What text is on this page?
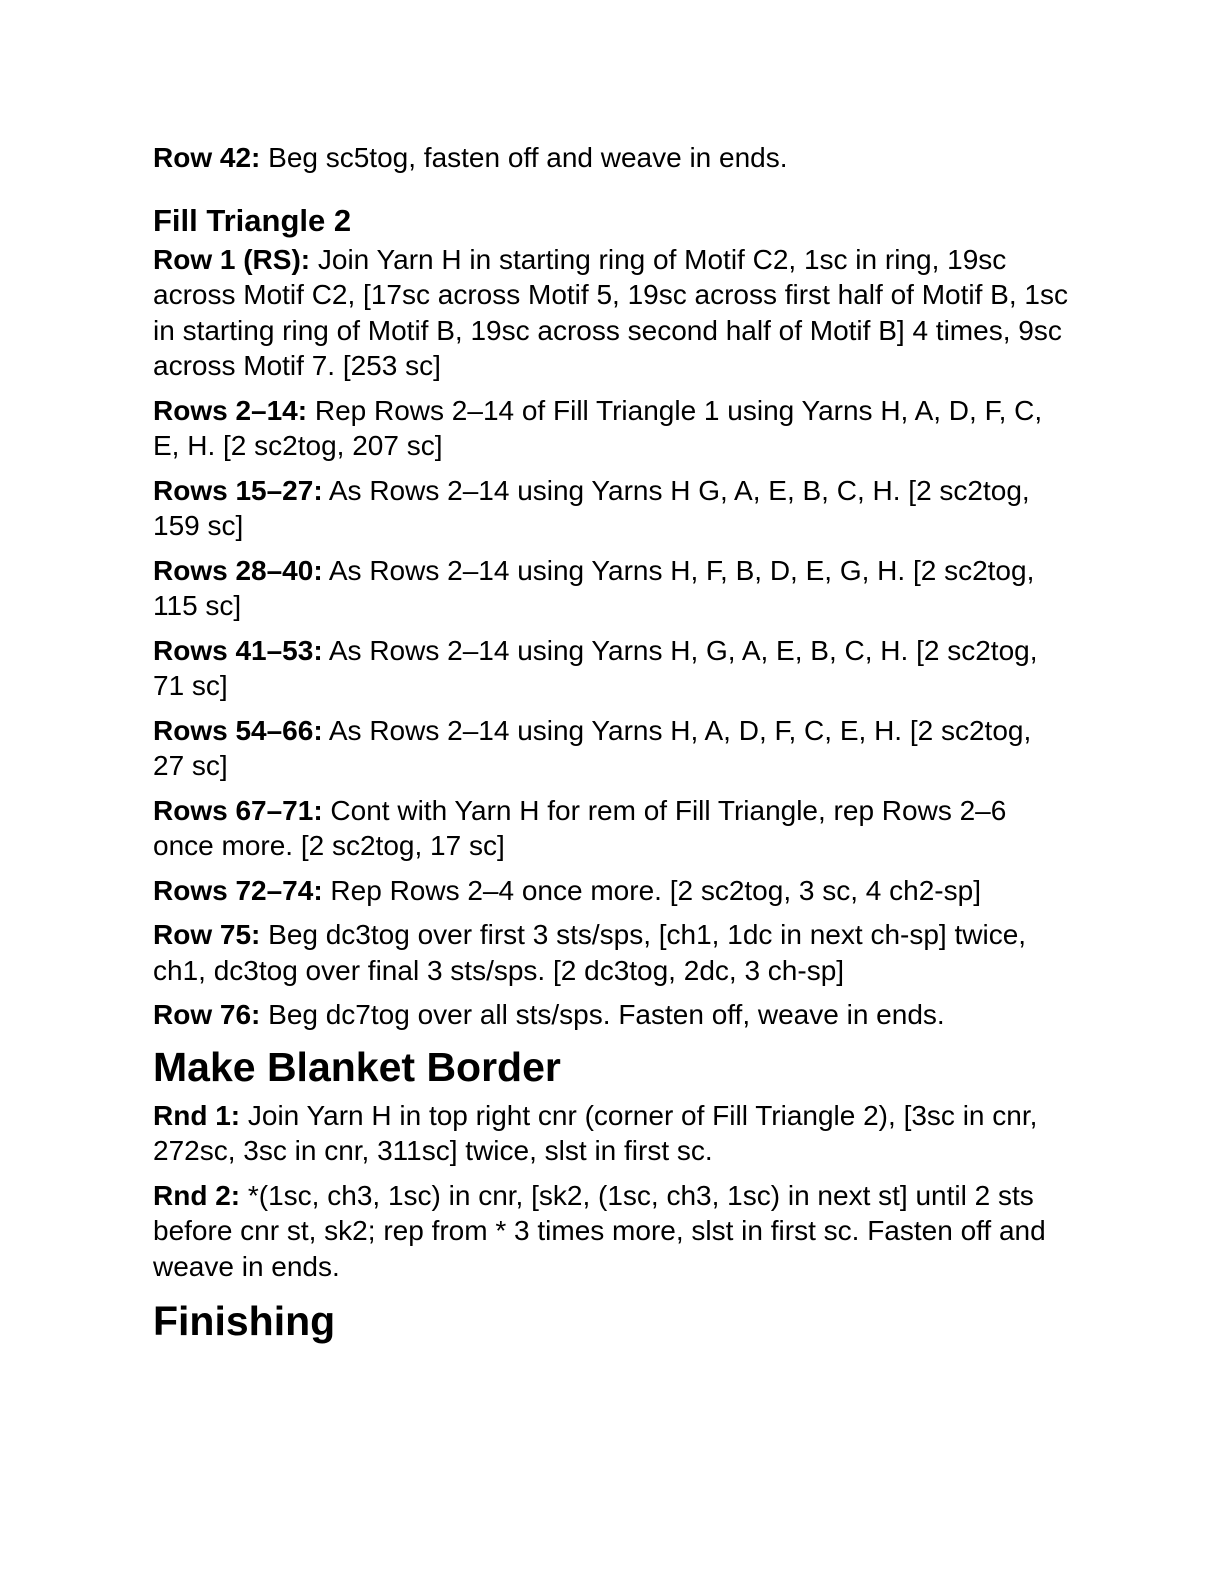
Row 42: Beg sc5tog, fasten off and weave in ends.

Fill Triangle 2

Row 1 (RS): Join Yarn H in starting ring of Motif C2, 1sc in ring, 19sc across Motif C2, [17sc across Motif 5, 19sc across first half of Motif B, 1sc in starting ring of Motif B, 19sc across second half of Motif B] 4 times, 9sc across Motif 7. [253 sc]

Rows 2–14: Rep Rows 2–14 of Fill Triangle 1 using Yarns H, A, D, F, C, E, H. [2 sc2tog, 207 sc]

Rows 15–27: As Rows 2–14 using Yarns H G, A, E, B, C, H. [2 sc2tog, 159 sc]

Rows 28–40: As Rows 2–14 using Yarns H, F, B, D, E, G, H. [2 sc2tog, 115 sc]

Rows 41–53: As Rows 2–14 using Yarns H, G, A, E, B, C, H. [2 sc2tog, 71 sc]

Rows 54–66: As Rows 2–14 using Yarns H, A, D, F, C, E, H. [2 sc2tog, 27 sc]

Rows 67–71: Cont with Yarn H for rem of Fill Triangle, rep Rows 2–6 once more. [2 sc2tog, 17 sc]

Rows 72–74: Rep Rows 2–4 once more. [2 sc2tog, 3 sc, 4 ch2-sp]

Row 75: Beg dc3tog over first 3 sts/sps, [ch1, 1dc in next ch-sp] twice, ch1, dc3tog over final 3 sts/sps. [2 dc3tog, 2dc, 3 ch-sp]

Row 76: Beg dc7tog over all sts/sps. Fasten off, weave in ends.

Make Blanket Border

Rnd 1: Join Yarn H in top right cnr (corner of Fill Triangle 2), [3sc in cnr, 272sc, 3sc in cnr, 311sc] twice, slst in first sc.

Rnd 2: *(1sc, ch3, 1sc) in cnr, [sk2, (1sc, ch3, 1sc) in next st] until 2 sts before cnr st, sk2; rep from * 3 times more, slst in first sc. Fasten off and weave in ends.

Finishing
